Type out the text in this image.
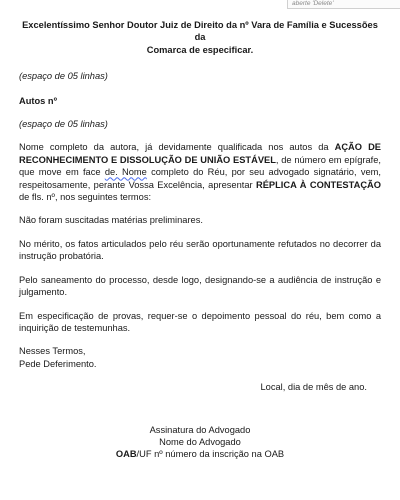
aberte 'Delete'

Excelentíssimo Senhor Doutor Juiz de Direito da nº Vara de Família e Sucessões da
Comarca de especificar.

(espaço de 05 linhas)

Autos nº

(espaço de 05 linhas)

Nome completo da autora, já devidamente qualificada nos autos da AÇÃO DE RECONHECIMENTO E DISSOLUÇÃO DE UNIÃO ESTÁVEL, de número em epígrafe, que move em face de. Nome completo do Réu, por seu advogado signatário, vem, respeitosamente, perante Vossa Excelência, apresentar RÉPLICA À CONTESTAÇÃO de fls. nº, nos seguintes termos:

Não foram suscitadas matérias preliminares.

No mérito, os fatos articulados pelo réu serão oportunamente refutados no decorrer da instrução probatória.

Pelo saneamento do processo, desde logo, designando-se a audiência de instrução e julgamento.

Em especificação de provas, requer-se o depoimento pessoal do réu, bem como a inquirição de testemunhas.

Nesses Termos,
Pede Deferimento.

Local, dia de mês de ano.

Assinatura do Advogado
Nome do Advogado
OAB/UF nº número da inscrição na OAB
